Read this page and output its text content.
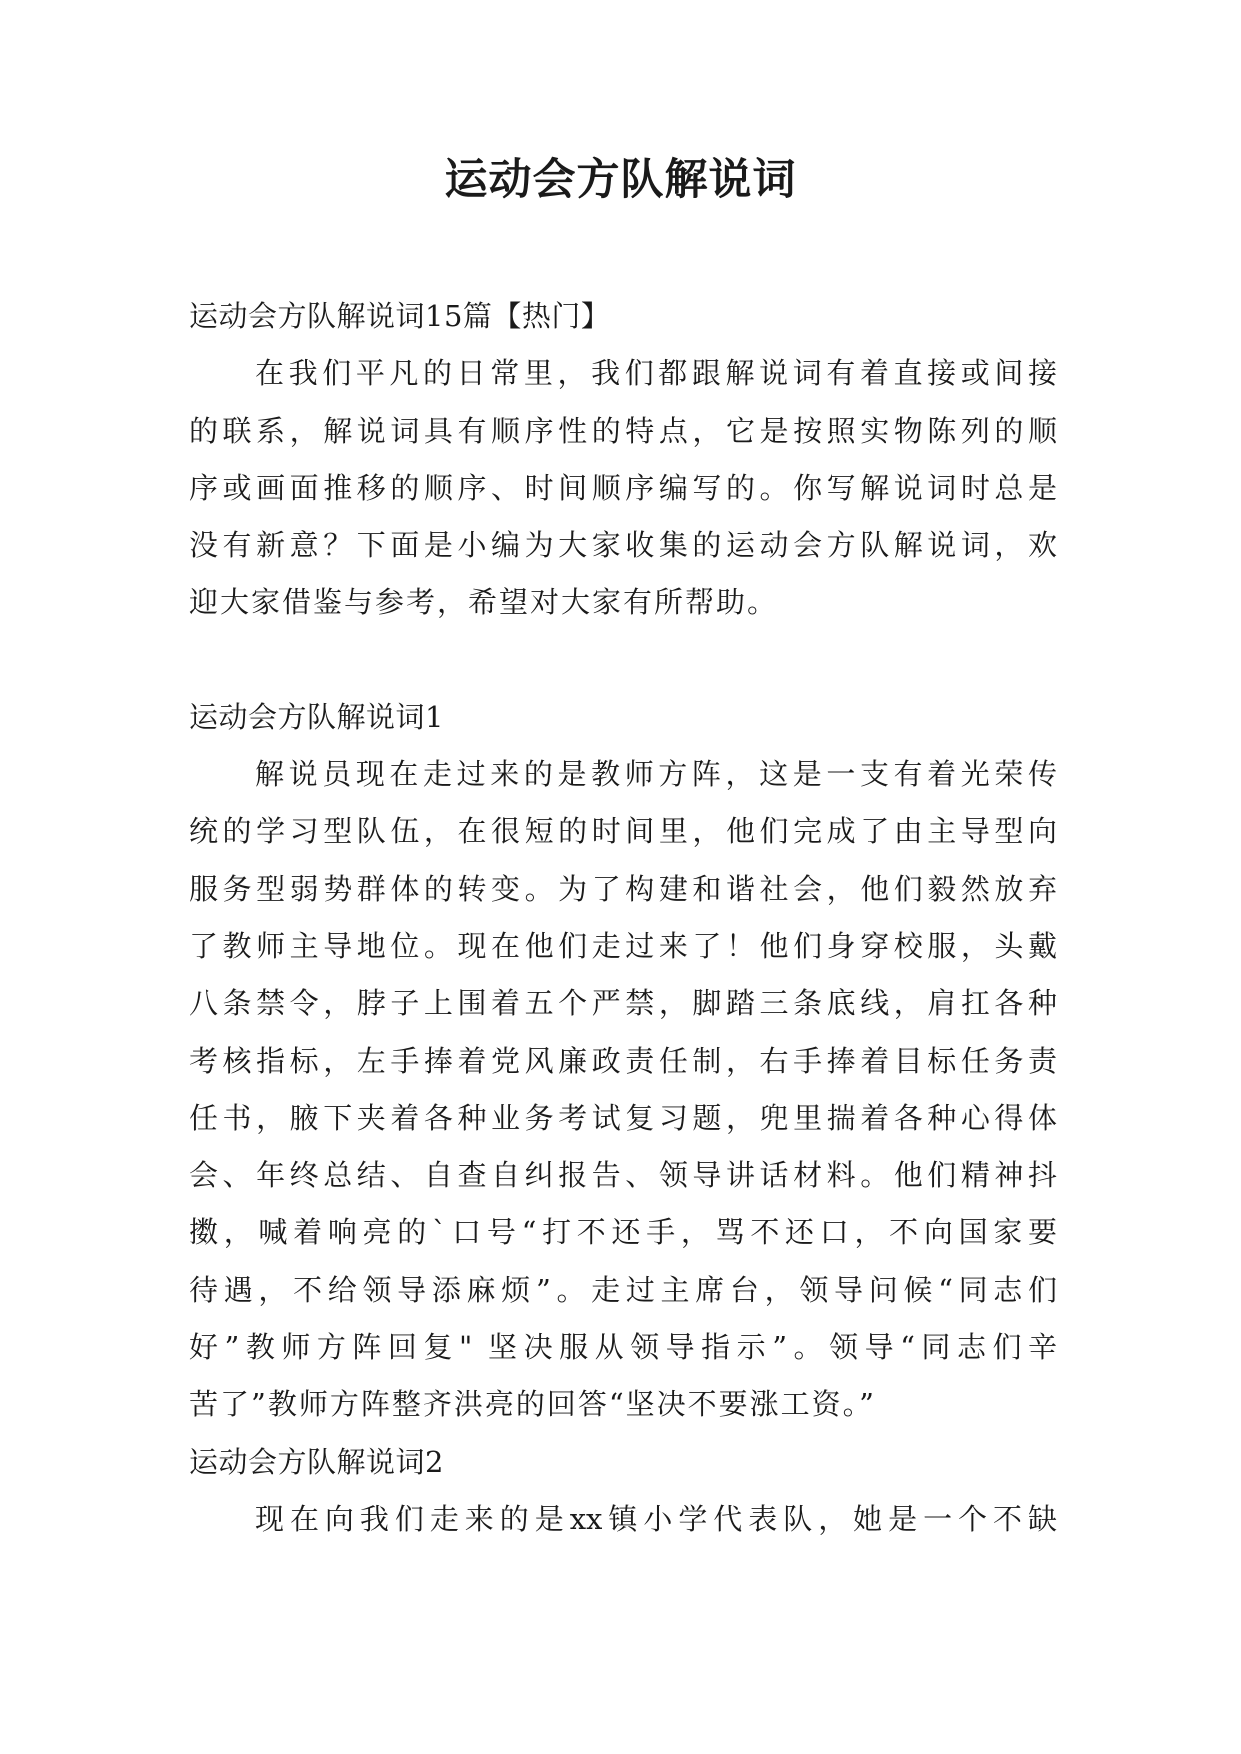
运动会方队解说词

运动会方队解说词15篇【热门】

在我们平凡的日常里，我们都跟解说词有着直接或间接

的联系，解说词具有顺序性的特点，它是按照实物陈列的顺

序或画面推移的顺序、时间顺序编写的。你写解说词时总是

没有新意？下面是小编为大家收集的运动会方队解说词，欢

迎大家借鉴与参考，希望对大家有所帮助。

运动会方队解说词1

解说员现在走过来的是教师方阵，这是一支有着光荣传

统的学习型队伍，在很短的时间里，他们完成了由主导型向

服务型弱势群体的转变。为了构建和谐社会，他们毅然放弃

了教师主导地位。现在他们走过来了！他们身穿校服，头戴

八条禁令，脖子上围着五个严禁，脚踏三条底线，肩扛各种

考核指标，左手捧着党风廉政责任制，右手捧着目标任务责

任书，腋下夹着各种业务考试复习题，兜里揣着各种心得体

会、年终总结、自查自纠报告、领导讲话材料。他们精神抖

擞，喊着响亮的`口号“打不还手，骂不还口，不向国家要

待遇，不给领导添麻烦”。走过主席台，领导问候“同志们

好”教师方阵回复" 坚决服从领导指示”。领导“同志们辛

苦了”教师方阵整齐洪亮的回答“坚决不要涨工资。”

运动会方队解说词2

现在向我们走来的是xx镇小学代表队，她是一个不缺
